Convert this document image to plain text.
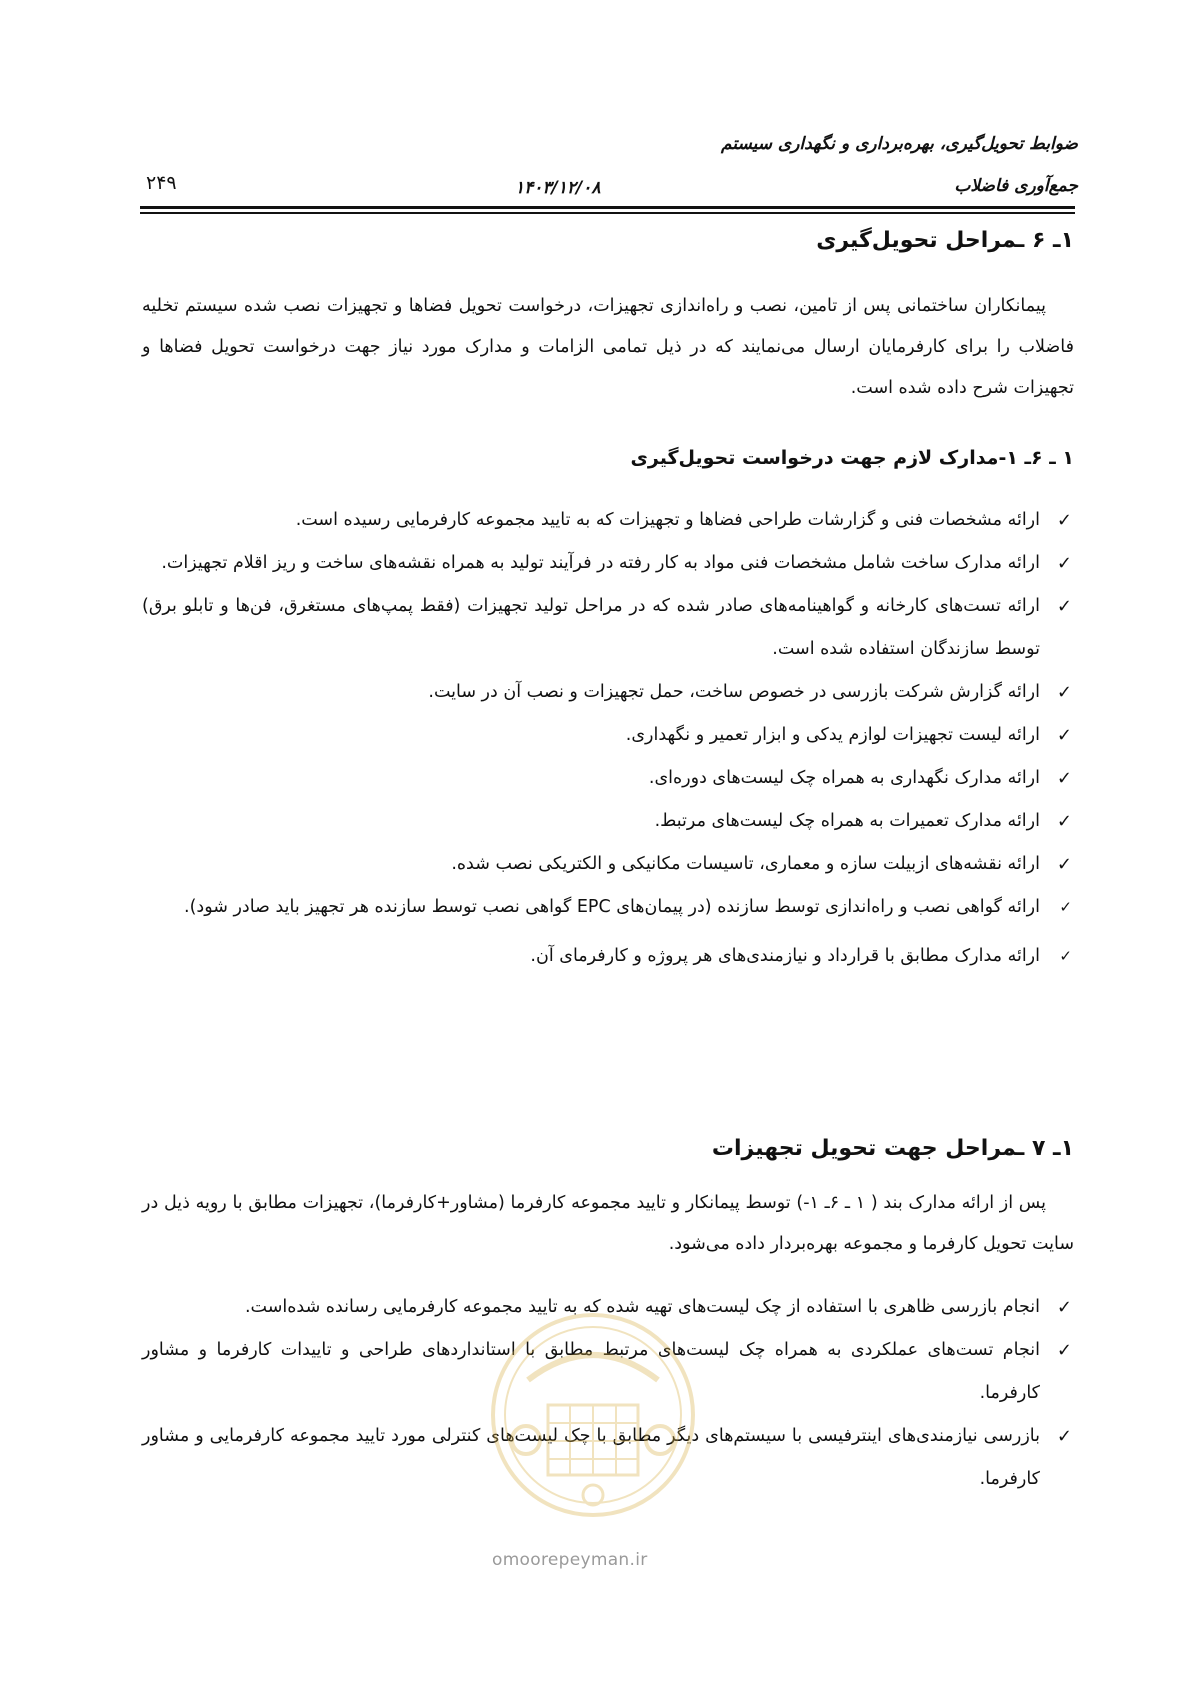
ضوابط تحویل‌گیری، بهره‌برداری و نگهداری سیستم
جمع‌آوری فاضلاب
۱۴۰۳/۱۲/۰۸
۲۴۹
۱ـ ۶ ـمراحل تحویل‌گیری

پیمانکاران ساختمانی پس از تامین، نصب و راه‌اندازی تجهیزات، درخواست تحویل فضاها و تجهیزات نصب شده سیستم تخلیه فاضلاب را برای کارفرمایان ارسال می‌نمایند که در ذیل تمامی الزامات و مدارک مورد نیاز جهت درخواست تحویل فضاها و تجهیزات شرح داده شده است.

۱ ـ ۶ـ ۱-مدارک لازم جهت درخواست تحویل‌گیری
✓
ارائه مشخصات فنی و گزارشات طراحی فضاها و تجهیزات که به تایید مجموعه کارفرمایی رسیده است.
✓
ارائه مدارک ساخت شامل مشخصات فنی مواد به کار رفته در فرآیند تولید به همراه نقشه‌های ساخت و ریز اقلام تجهیزات.
✓
ارائه تست‌های کارخانه و گواهینامه‌های صادر شده که در مراحل تولید تجهیزات (فقط پمپ‌های مستغرق، فن‌ها و تابلو برق) توسط سازندگان استفاده شده است.
✓
ارائه گزارش شرکت بازرسی در خصوص ساخت، حمل تجهیزات و نصب آن در سایت.
✓
ارائه لیست تجهیزات لوازم یدکی و ابزار تعمیر و نگهداری.
✓
ارائه مدارک نگهداری به همراه چک لیست‌های دوره‌ای.
✓
ارائه مدارک تعمیرات به همراه چک لیست‌های مرتبط.
✓
ارائه نقشه‌های ازبیلت سازه و معماری، تاسیسات مکانیکی و الکتریکی نصب شده.
✓
ارائه گواهی نصب و راه‌اندازی توسط سازنده (در پیمان‌های EPC گواهی نصب توسط سازنده هر تجهیز باید صادر شود).
✓
ارائه مدارک مطابق با قرارداد و نیازمندی‌های هر پروژه و کارفرمای آن.
۱ـ ۷ ـمراحل جهت تحویل تجهیزات

پس از ارائه مدارک بند ( ۱ ـ ۶ـ ۱-) توسط پیمانکار و تایید مجموعه کارفرما (مشاور+کارفرما)، تجهیزات مطابق با رویه ذیل در سایت تحویل کارفرما و مجموعه بهره‌بردار داده می‌شود.

✓
انجام بازرسی ظاهری با استفاده از چک لیست‌های تهیه شده که به تایید مجموعه کارفرمایی رسانده شده‌است.
✓
انجام تست‌های عملکردی به همراه چک لیست‌های مرتبط مطابق با استانداردهای طراحی و تاییدات کارفرما و مشاور کارفرما.
✓
بازرسی نیازمندی‌های اینترفیسی با سیستم‌های دیگر مطابق با چک لیست‌های کنترلی مورد تایید مجموعه کارفرمایی و مشاور کارفرما.
omoorepeyman.ir
